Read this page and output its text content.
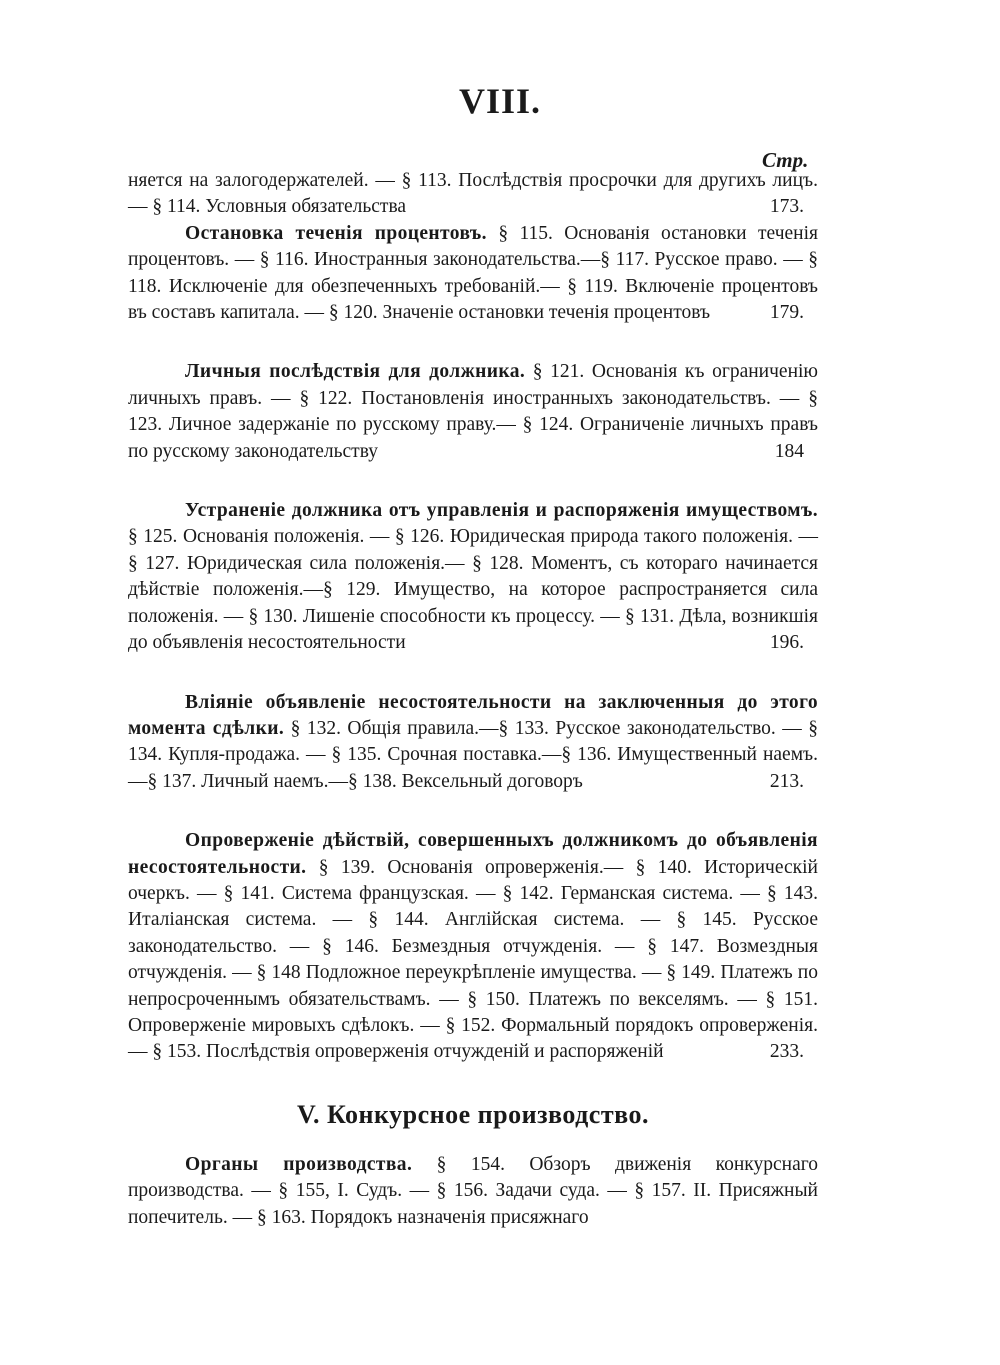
VIII.
Стр.
няется на залогодержателей. — § 113. Послѣдствія просрочки для другихъ лицъ. — § 114. Условныя обязательства	173.
Остановка теченія процентовъ. § 115. Основанія остановки теченія процентовъ. — § 116. Иностранныя законодательства.—§ 117. Русское право. — § 118. Исключеніе для обезпеченныхъ требованій.— § 119. Включеніе процентовъ въ составъ капитала. — § 120. Значеніе остановки теченія процентовъ	179.
Личныя послѣдствія для должника. § 121. Основанія къ ограниченію личныхъ правъ. — § 122. Постановленія иностранныхъ законодательствъ. — § 123. Личное задержаніе по русскому праву.— § 124. Ограниченіе личныхъ правъ по русскому законодательству	184
Устраненіе должника отъ управленія и распоряженія имуществомъ. § 125. Основанія положенія. — § 126. Юридическая природа такого положенія. — § 127. Юридическая сила положенія.— § 128. Моментъ, съ котораго начинается дѣйствіе положенія.—§ 129. Имущество, на которое распространяется сила положенія. — § 130. Лишеніе способности къ процессу. — § 131. Дѣла, возникшія до объявленія несостоятельности	196.
Вліяніе объявленіе несостоятельности на заключенныя до этого момента сдѣлки. § 132. Общія правила.—§ 133. Русское законодательство. — § 134. Купля-продажа. — § 135. Срочная поставка.—§ 136. Имущественный наемъ.—§ 137. Личный наемъ.—§ 138. Вексельный договоръ	213.
Опроверженіе дѣйствій, совершенныхъ должникомъ до объявленія несостоятельности. § 139. Основанія опроверженія.— § 140. Историческій очеркъ. — § 141. Система французская. — § 142. Германская система. — § 143. Италіанская система. — § 144. Англійская система. — § 145. Русское законодательство. — § 146. Безмездныя отчужденія. — § 147. Возмездныя отчужденія. — § 148 Подложное переукрѣпленіе имущества. — § 149. Платежъ по непросроченнымъ обязательствамъ. — § 150. Платежъ по векселямъ. — § 151. Опроверженіе мировыхъ сдѣлокъ. — § 152. Формальный порядокъ опроверженія. — § 153. Послѣдствія опроверженія отчужденій и распоряженій	233.
V. Конкурсное производство.
Органы производства. § 154. Обзоръ движенія конкурснаго производства. — § 155, I. Судъ. — § 156. Задачи суда. — § 157. II. Присяжный попечитель. — § 163. Порядокъ назначенія присяжнаго
